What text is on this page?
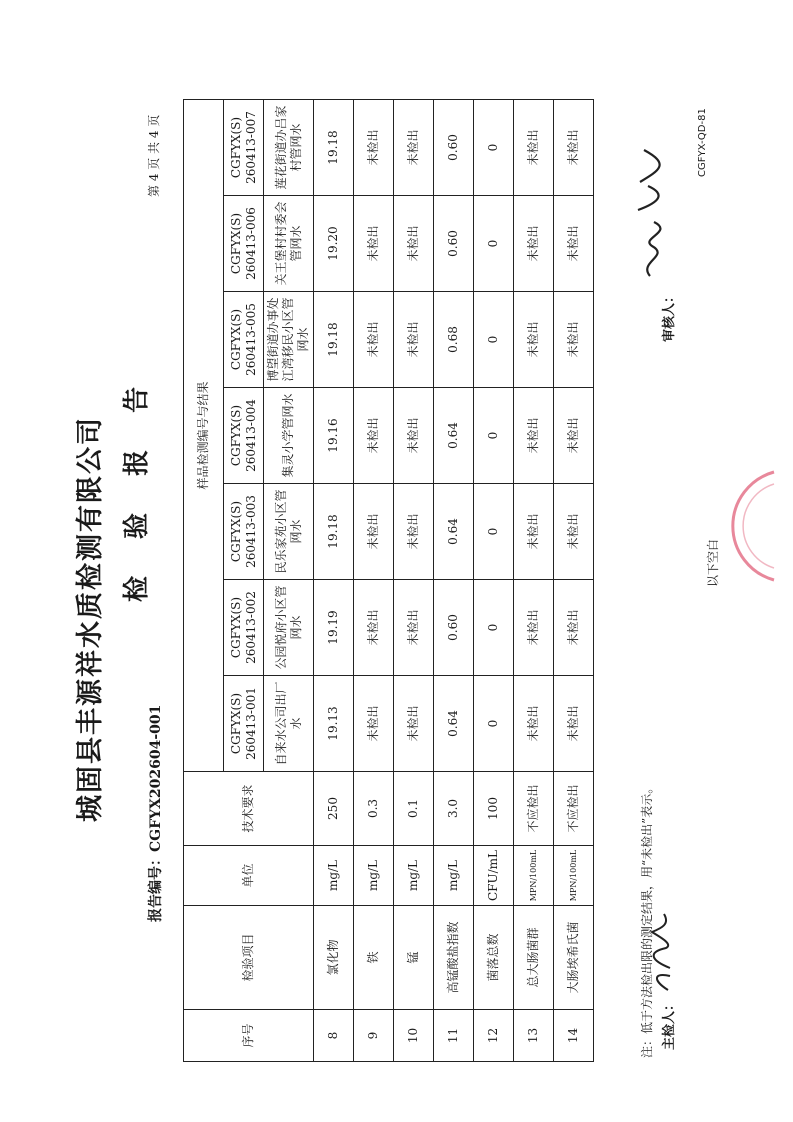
城固县丰源祥水质检测有限公司 检 验 报 告
报告编号：CGFYX202604-001
第 4 页 共 4 页
序号	检验项目	单位	技术要求	样品检测编号与结果						
				CGFYX(S) 260413-001	CGFYX(S) 260413-002	CGFYX(S) 260413-003	CGFYX(S) 260413-004	CGFYX(S) 260413-005	CGFYX(S) 260413-006	CGFYX(S) 260413-007
				自来水公司出厂水	公园悦府小区管网水	民乐家苑小区管网水	集灵小学管网水	博望街道办事处江湾移民小区管网水	关王堡村村委会管网水	莲花街道办吕家村管网水
8	氯化物	mg/L	250	19.13	19.19	19.18	19.16	19.18	19.20	19.18
9	铁	mg/L	0.3	未检出	未检出	未检出	未检出	未检出	未检出	未检出
10	锰	mg/L	0.1	未检出	未检出	未检出	未检出	未检出	未检出	未检出
11	高锰酸盐指数	mg/L	3.0	0.64	0.60	0.64	0.64	0.68	0.60	0.60
12	菌落总数	CFU/mL	100	0	0	0	0	0	0	0
13	总大肠菌群	MPN/100mL	不应检出	未检出	未检出	未检出	未检出	未检出	未检出	未检出
14	大肠埃希氏菌	MPN/100mL	不应检出	未检出	未检出	未检出	未检出	未检出	未检出	未检出
注：低于方法检出限的测定结果，用“未检出”表示。 主检人：
审核人：
以下空白
CGFYX-QD-81
